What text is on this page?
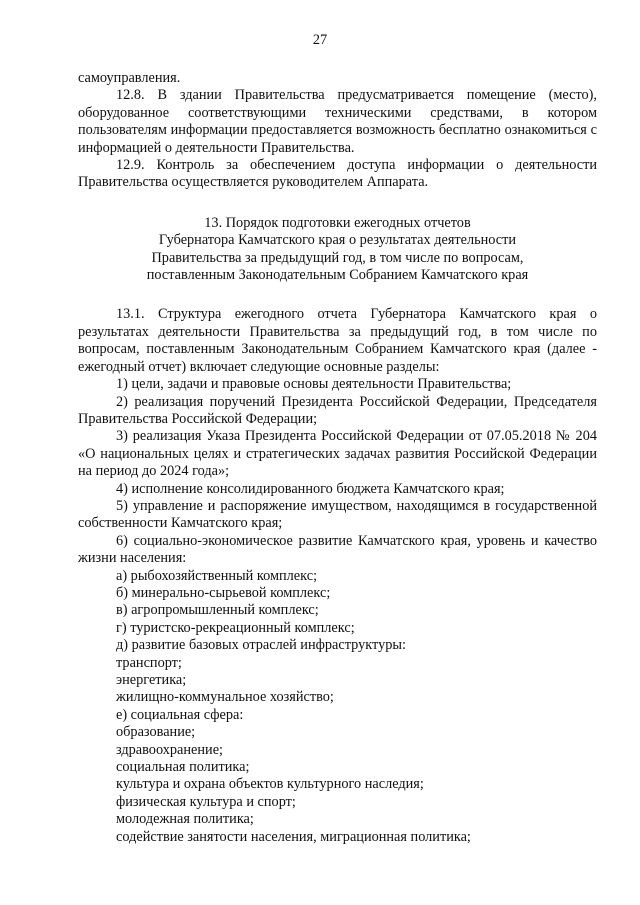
27

самоуправления.

12.8. В здании Правительства предусматривается помещение (место), оборудованное соответствующими техническими средствами, в котором пользователям информации предоставляется возможность бесплатно ознакомиться с информацией о деятельности Правительства.

12.9. Контроль за обеспечением доступа информации о деятельности Правительства осуществляется руководителем Аппарата.

13. Порядок подготовки ежегодных отчетов
Губернатора Камчатского края о результатах деятельности
Правительства за предыдущий год, в том числе по вопросам,
поставленным Законодательным Собранием Камчатского края

13.1. Структура ежегодного отчета Губернатора Камчатского края о результатах деятельности Правительства за предыдущий год, в том числе по вопросам, поставленным Законодательным Собранием Камчатского края (далее - ежегодный отчет) включает следующие основные разделы:

1) цели, задачи и правовые основы деятельности Правительства;

2) реализация поручений Президента Российской Федерации, Председателя Правительства Российской Федерации;

3) реализация Указа Президента Российской Федерации от 07.05.2018 № 204 «О национальных целях и стратегических задачах развития Российской Федерации на период до 2024 года»;

4) исполнение консолидированного бюджета Камчатского края;

5) управление и распоряжение имуществом, находящимся в государственной собственности Камчатского края;

6) социально-экономическое развитие Камчатского края, уровень и качество жизни населения:

а) рыбохозяйственный комплекс;

б) минерально-сырьевой комплекс;

в) агропромышленный комплекс;

г) туристско-рекреационный комплекс;

д) развитие базовых отраслей инфраструктуры:

транспорт;

энергетика;

жилищно-коммунальное хозяйство;

е) социальная сфера:

образование;

здравоохранение;

социальная политика;

культура и охрана объектов культурного наследия;

физическая культура и спорт;

молодежная политика;

содействие занятости населения, миграционная политика;
